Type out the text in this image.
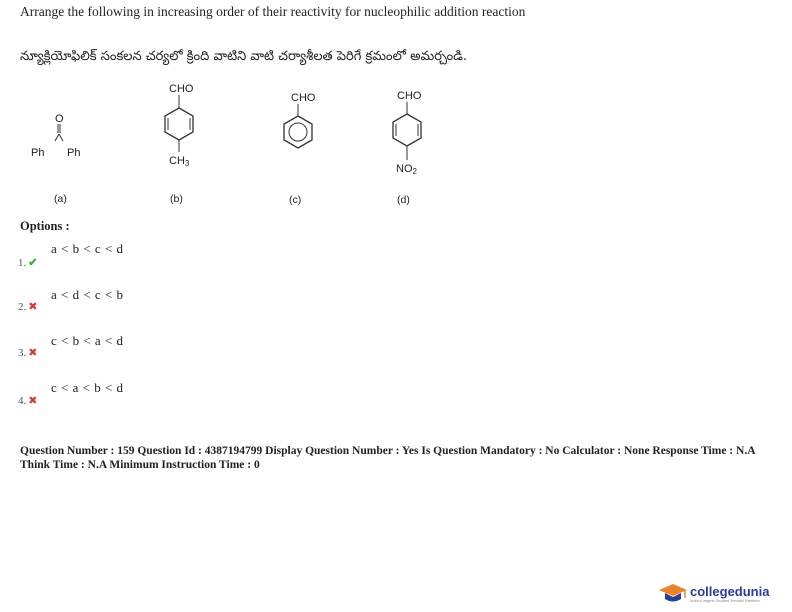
Arrange the following in increasing order of their reactivity for nucleophilic addition reaction
న్యూక్లియోఫిలిక్ సంకలన చర్యలో క్రింది వాటిని వాటి చర్యాశీలత పెరిగే క్రమంలో అమర్చండి.
O
Ph Ph
(a)
CHO
CH3
(b)
CHO
(c)
CHO
NO2
(d)
Options :
a < b < c < d
1. ✔
a < d < c < b
2. ✖
c < b < a < d
3. ✖
c < a < b < d
4. ✖
Question Number : 159 Question Id : 4387194799 Display Question Number : Yes Is Question Mandatory : No Calculator : None Response Time : N.A Think Time : N.A Minimum Instruction Time : 0
collegedunia
India's largest Student Review Platform
